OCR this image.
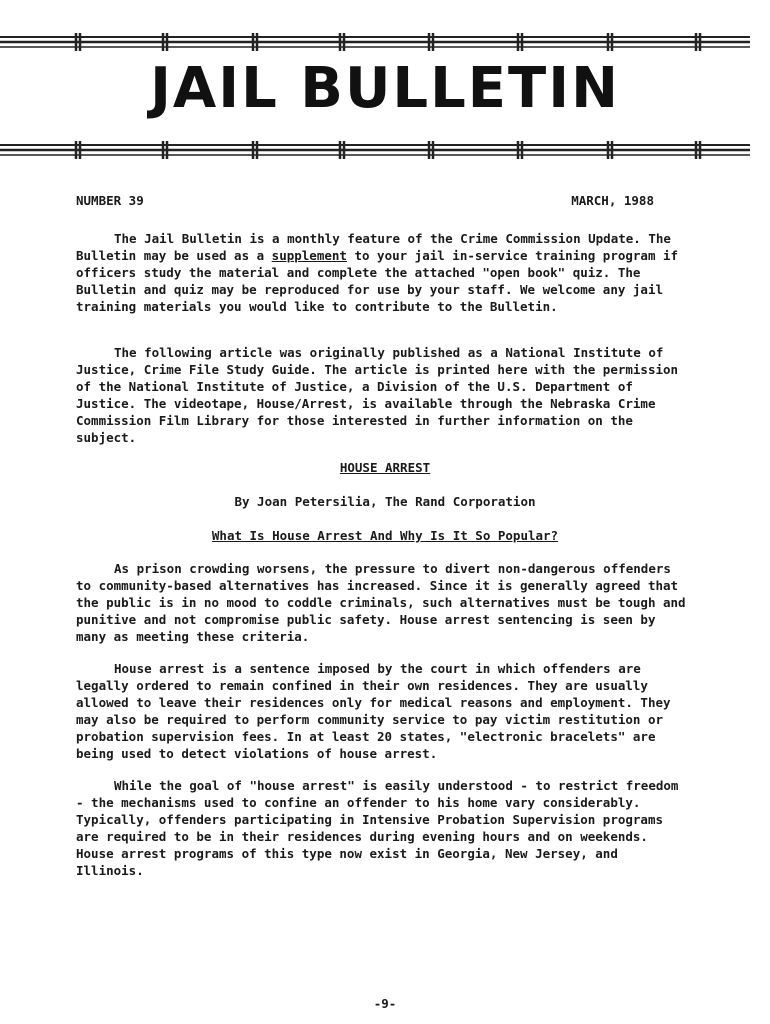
JAIL BULLETIN
NUMBER 39	MARCH, 1988

The Jail Bulletin is a monthly feature of the Crime Commission Update. The Bulletin may be used as a supplement to your jail in-service training program if officers study the material and complete the attached "open book" quiz. The Bulletin and quiz may be reproduced for use by your staff. We welcome any jail training materials you would like to contribute to the Bulletin.

The following article was originally published as a National Institute of Justice, Crime File Study Guide. The article is printed here with the permission of the National Institute of Justice, a Division of the U.S. Department of Justice. The videotape, House/Arrest, is available through the Nebraska Crime Commission Film Library for those interested in further information on the subject.

HOUSE ARREST
By Joan Petersilia, The Rand Corporation
What Is House Arrest And Why Is It So Popular?

As prison crowding worsens, the pressure to divert non-dangerous offenders to community-based alternatives has increased. Since it is generally agreed that the public is in no mood to coddle criminals, such alternatives must be tough and punitive and not compromise public safety. House arrest sentencing is seen by many as meeting these criteria.

House arrest is a sentence imposed by the court in which offenders are legally ordered to remain confined in their own residences. They are usually allowed to leave their residences only for medical reasons and employment. They may also be required to perform community service to pay victim restitution or probation supervision fees. In at least 20 states, "electronic bracelets" are being used to detect violations of house arrest.

While the goal of "house arrest" is easily understood - to restrict freedom - the mechanisms used to confine an offender to his home vary considerably. Typically, offenders participating in Intensive Probation Supervision programs are required to be in their residences during evening hours and on weekends. House arrest programs of this type now exist in Georgia, New Jersey, and Illinois.

-9-
